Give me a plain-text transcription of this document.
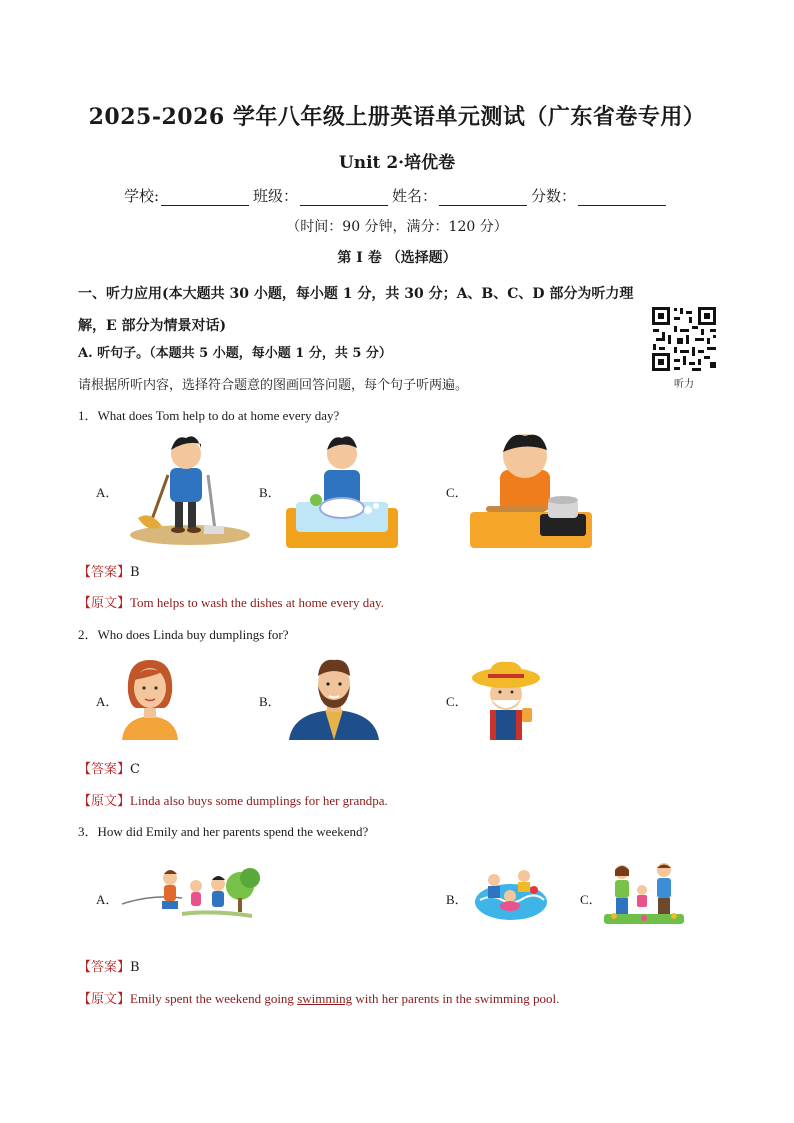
2025-2026 学年八年级上册英语单元测试（广东省卷专用）
Unit 2·培优卷
学校:	班级：	姓名：	分数：
（时间：90 分钟，满分：120 分）
第 I 卷 （选择题）
一、听力应用(本大题共 30 小题，每小题 1 分，共 30 分；A、B、C、D 部分为听力理解，E 部分为情景对话)
听力
A. 听句子。（本题共 5 小题，每小题 1 分，共 5 分）
请根据所听内容，选择符合题意的图画回答问题，每个句子听两遍。
1．What does Tom help to do at home every day?
A．	B．	C．
【答案】B
【原文】Tom helps to wash the dishes at home every day.
2．Who does Linda buy dumplings for?
A．	B．	C．
【答案】C
【原文】Linda also buys some dumplings for her grandpa.
3．How did Emily and her parents spend the weekend?
A．	B．	C．
【答案】B
【原文】Emily spent the weekend going swimming with her parents in the swimming pool.
